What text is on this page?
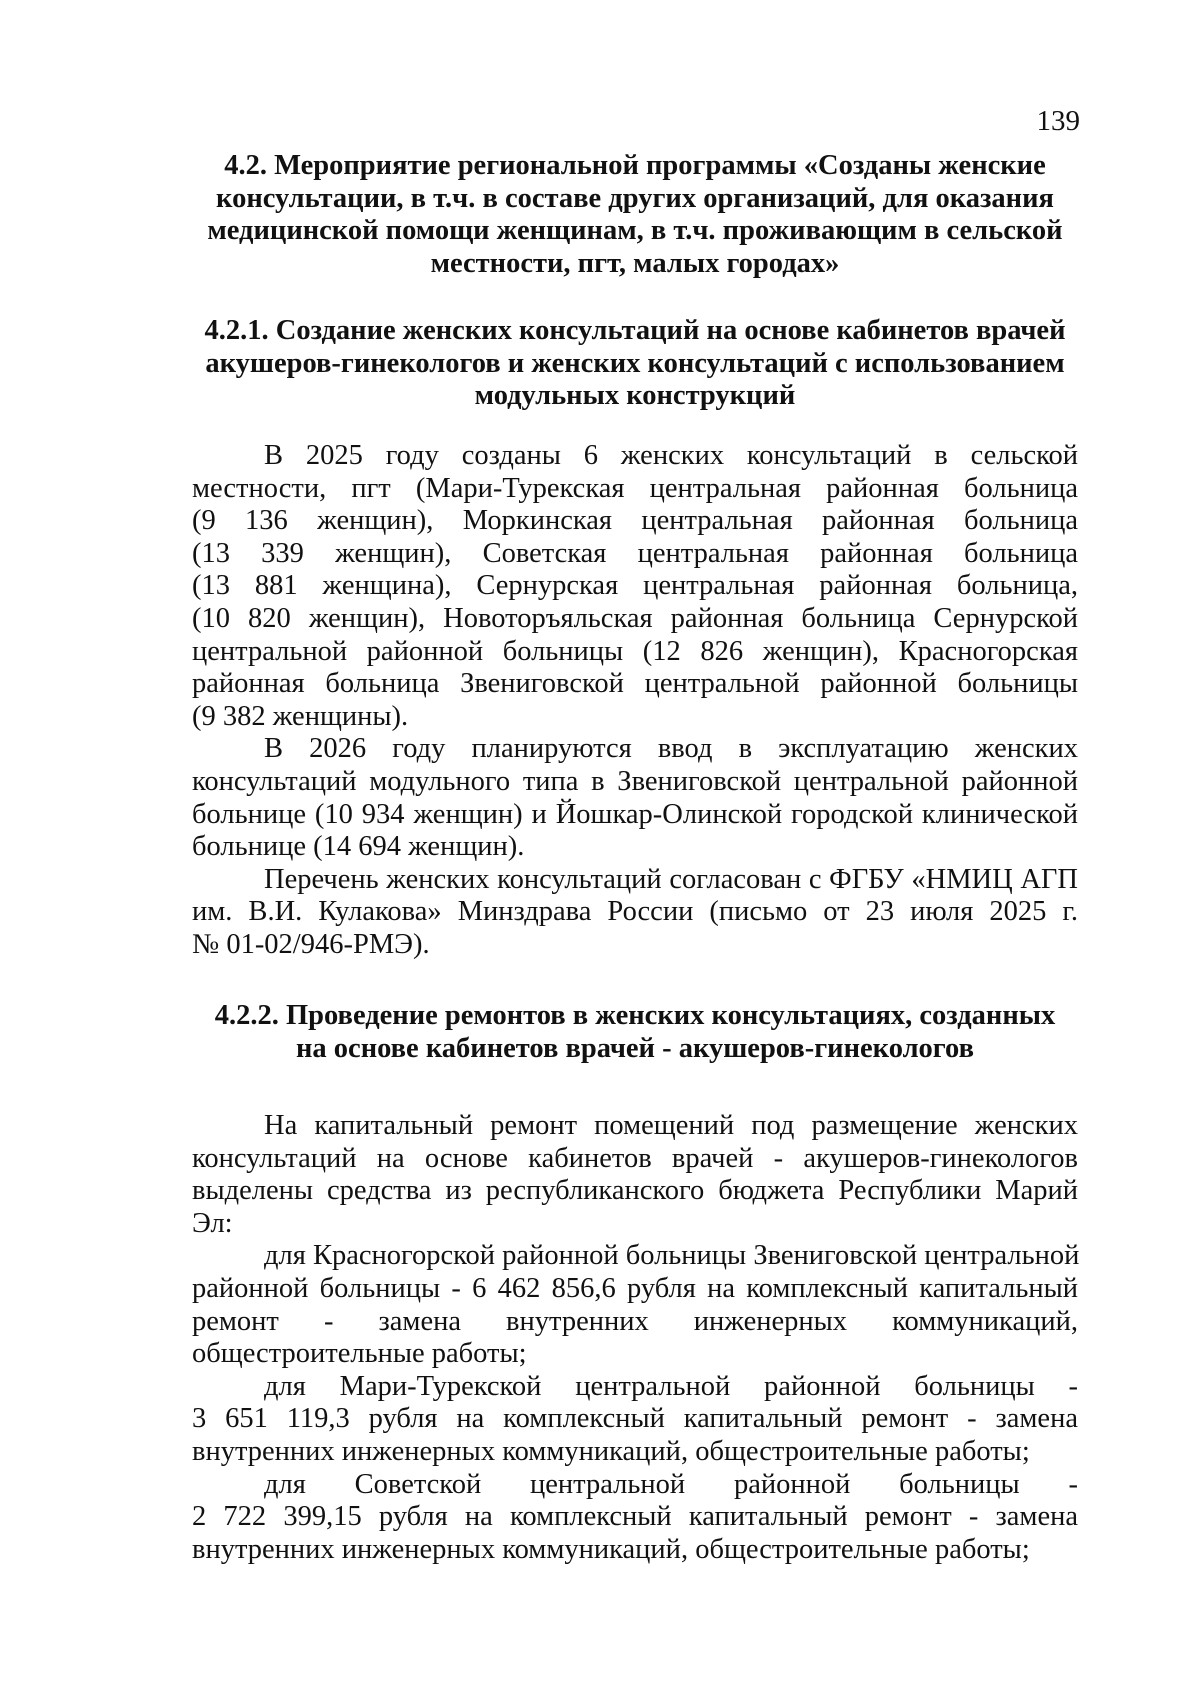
139
4.2. Мероприятие региональной программы «Созданы женские
консультации, в т.ч. в составе других организаций, для оказания
медицинской помощи женщинам, в т.ч. проживающим в сельской
местности, пгт, малых городах»
4.2.1. Создание женских консультаций на основе кабинетов врачей
акушеров-гинекологов и женских консультаций с использованием
модульных конструкций
В 2025 году созданы 6 женских консультаций в сельской
местности, пгт (Мари-Турекская центральная районная больница
(9 136 женщин), Моркинская центральная районная больница
(13 339 женщин), Советская центральная районная больница
(13 881 женщина), Сернурская центральная районная больница,
(10 820 женщин), Новоторъяльская районная больница Сернурской
центральной районной больницы (12 826 женщин), Красногорская
районная больница Звениговской центральной районной больницы
(9 382 женщины).
В 2026 году планируются ввод в эксплуатацию женских
консультаций модульного типа в Звениговской центральной районной
больнице (10 934 женщин) и Йошкар-Олинской городской клинической
больнице (14 694 женщин).
Перечень женских консультаций согласован с ФГБУ «НМИЦ АГП
им. В.И. Кулакова» Минздрава России (письмо от 23 июля 2025 г.
№ 01-02/946-РМЭ).
4.2.2. Проведение ремонтов в женских консультациях, созданных
на основе кабинетов врачей - акушеров-гинекологов
На капитальный ремонт помещений под размещение женских
консультаций на основе кабинетов врачей - акушеров-гинекологов
выделены средства из республиканского бюджета Республики Марий
Эл:
для Красногорской районной больницы Звениговской центральной
районной больницы - 6 462 856,6 рубля на комплексный капитальный
ремонт - замена внутренних инженерных коммуникаций,
общестроительные работы;
для Мари-Турекской центральной районной больницы -
3 651 119,3 рубля на комплексный капитальный ремонт - замена
внутренних инженерных коммуникаций, общестроительные работы;
для Советской центральной районной больницы -
2 722 399,15 рубля на комплексный капитальный ремонт - замена
внутренних инженерных коммуникаций, общестроительные работы;
